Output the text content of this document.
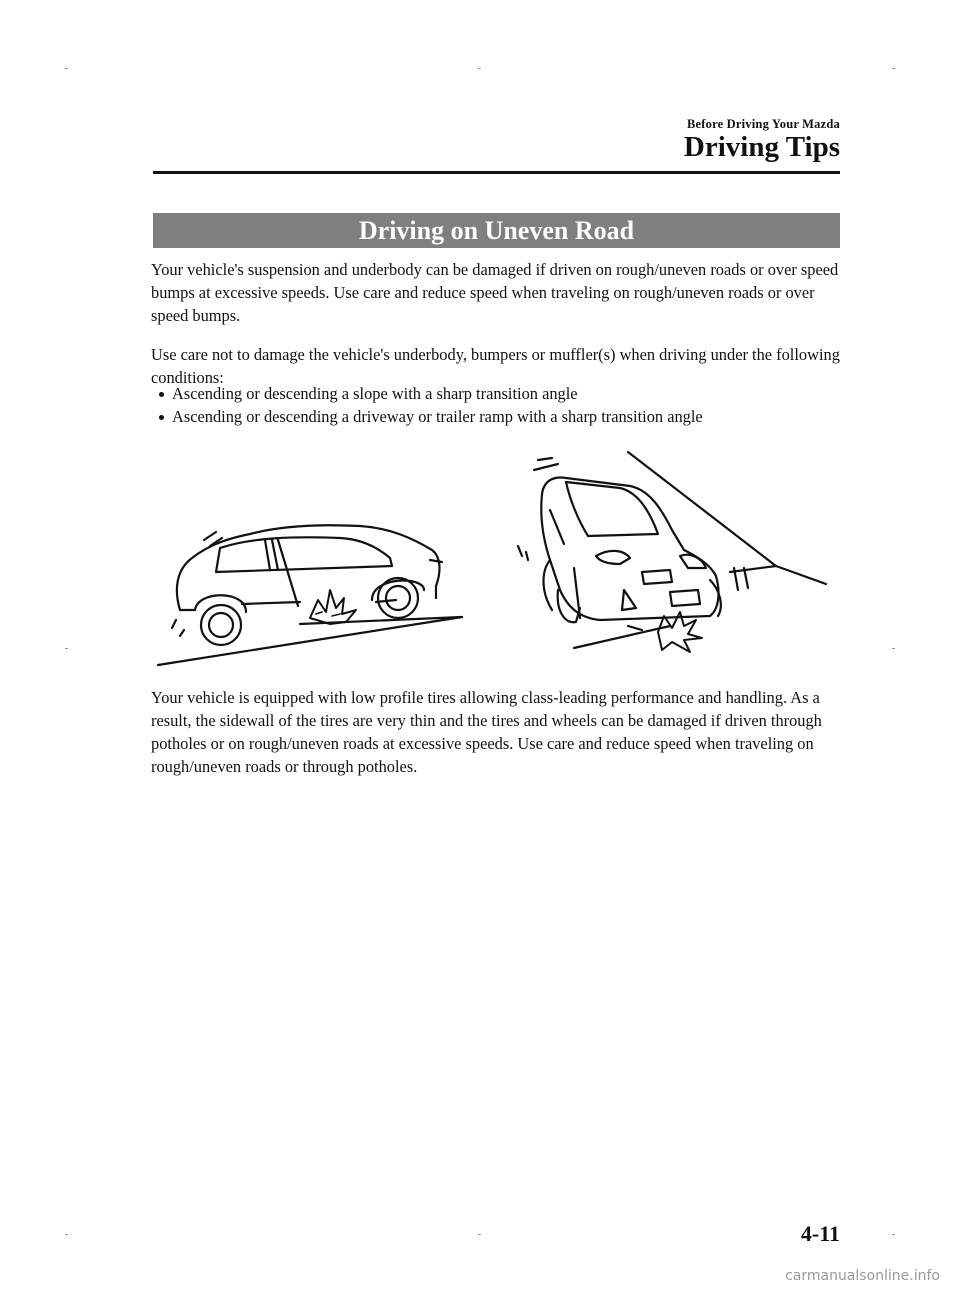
Before Driving Your Mazda
Driving Tips
Driving on Uneven Road

Your vehicle's suspension and underbody can be damaged if driven on rough/uneven roads or over speed bumps at excessive speeds. Use care and reduce speed when traveling on rough/uneven roads or over speed bumps.

Use care not to damage the vehicle's underbody, bumpers or muffler(s) when driving under the following conditions:

Ascending or descending a slope with a sharp transition angle
Ascending or descending a driveway or trailer ramp with a sharp transition angle

Your vehicle is equipped with low profile tires allowing class-leading performance and handling. As a result, the sidewall of the tires are very thin and the tires and wheels can be damaged if driven through potholes or on rough/uneven roads at excessive speeds. Use care and reduce speed when traveling on rough/uneven roads or through potholes.

4-11
carmanualsonline.info
